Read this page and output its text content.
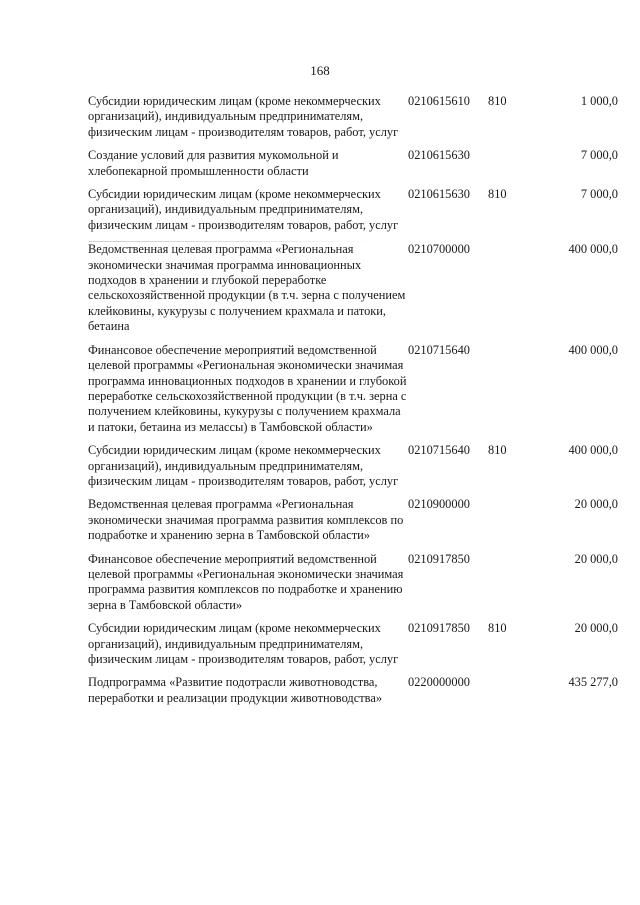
168
Субсидии юридическим лицам (кроме некоммерческих организаций), индивидуальным предпринимателям, физическим лицам - производителям товаров, работ, услуг	0210615610	810	1 000,0
Создание условий для развития мукомольной и хлебопекарной промышленности области	0210615630		7 000,0
Субсидии юридическим лицам (кроме некоммерческих организаций), индивидуальным предпринимателям, физическим лицам - производителям товаров, работ, услуг	0210615630	810	7 000,0

Ведомственная целевая программа «Региональная экономически значимая программа инновационных подходов в хранении и глубокой переработке сельскохозяйственной продукции (в т.ч. зерна с получением клейковины, кукурузы с получением крахмала и патоки, бетаина	0210700000		400 000,0
Финансовое обеспечение мероприятий ведомственной целевой программы «Региональная экономически значимая программа инновационных подходов в хранении и глубокой переработке сельскохозяйственной продукции (в т.ч. зерна с получением клейковины, кукурузы с получением крахмала и патоки, бетаина из мелассы) в Тамбовской области»	0210715640		400 000,0
Субсидии юридическим лицам (кроме некоммерческих организаций), индивидуальным предпринимателям, физическим лицам - производителям товаров, работ, услуг	0210715640	810	400 000,0
Ведомственная целевая программа «Региональная экономически значимая программа развития комплексов по подработке и хранению зерна в Тамбовской области»	0210900000		20 000,0
Финансовое обеспечение мероприятий ведомственной целевой программы «Региональная экономически значимая программа развития комплексов по подработке и хранению зерна в Тамбовской области»	0210917850		20 000,0
Субсидии юридическим лицам (кроме некоммерческих организаций), индивидуальным предпринимателям, физическим лицам - производителям товаров, работ, услуг	0210917850	810	20 000,0
Подпрограмма «Развитие подотрасли животноводства, переработки и реализации продукции животноводства»	0220000000		435 277,0
